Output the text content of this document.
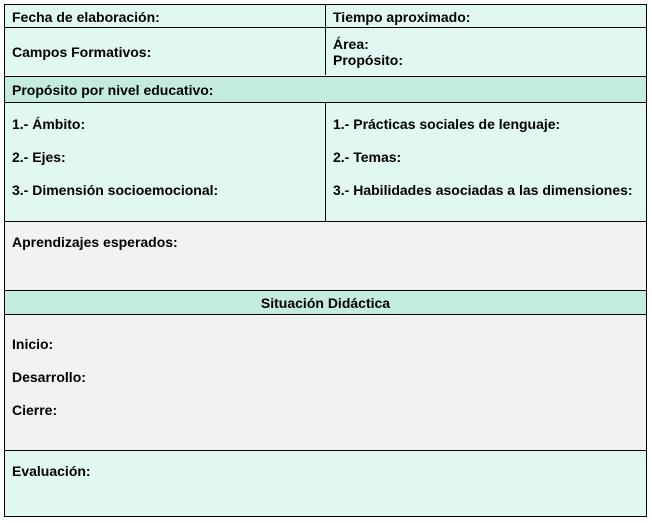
Fecha de elaboración:	Tiempo aproximado:
Campos Formativos:	Área:
Propósito:
Propósito por nivel educativo:
1.- Ámbito:
2.- Ejes:
3.- Dimensión socioemocional:
1.- Prácticas sociales de lenguaje:
2.- Temas:
3.- Habilidades asociadas a las dimensiones:
Aprendizajes esperados:
Situación Didáctica
Inicio:
Desarrollo:
Cierre:
Evaluación:
